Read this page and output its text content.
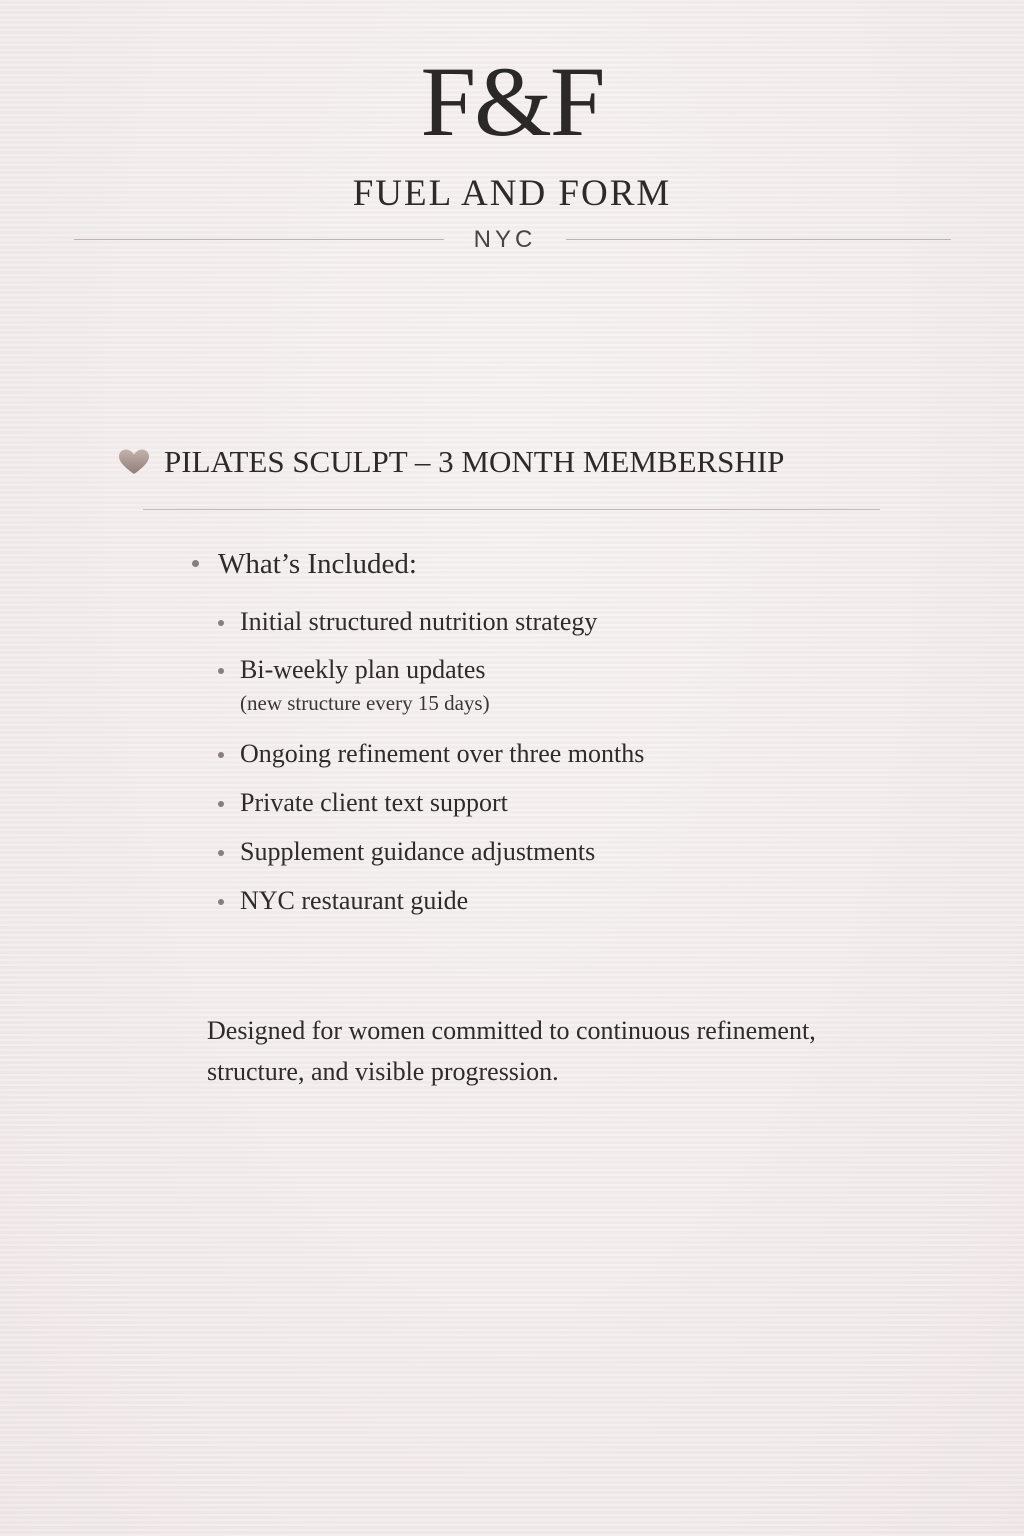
F&F
FUEL AND FORM
NYC
PILATES SCULPT – 3 MONTH MEMBERSHIP
What’s Included:
Initial structured nutrition strategy
Bi-weekly plan updates
(new structure every 15 days)
Ongoing refinement over three months
Private client text support
Supplement guidance adjustments
NYC restaurant guide

Designed for women committed to continuous refinement, structure, and visible progression.
